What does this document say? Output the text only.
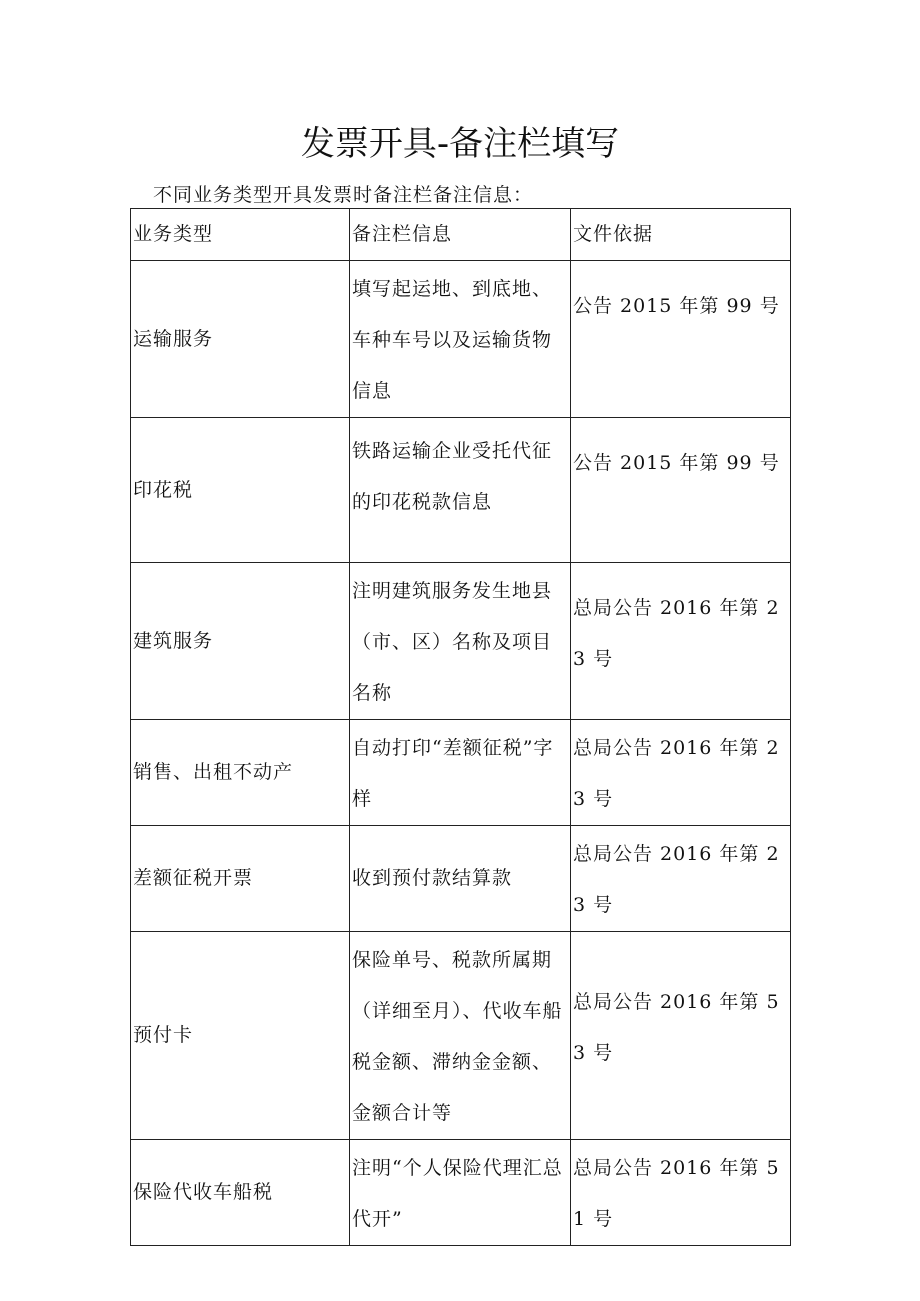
发票开具-备注栏填写
不同业务类型开具发票时备注栏备注信息：
业务类型	备注栏信息	文件依据
运输服务	填写起运地、到底地、车种车号以及运输货物信息	公告 2015 年第 99 号
印花税	铁路运输企业受托代征的印花税款信息	公告 2015 年第 99 号
建筑服务	注明建筑服务发生地县（市、区）名称及项目名称	总局公告 2016 年第 23 号
销售、出租不动产	自动打印“差额征税”字样	总局公告 2016 年第 23 号
差额征税开票	收到预付款结算款	总局公告 2016 年第 23 号
预付卡	保险单号、税款所属期（详细至月）、代收车船税金额、滞纳金金额、金额合计等	总局公告 2016 年第 53 号
保险代收车船税	注明“个人保险代理汇总代开”	总局公告 2016 年第 51 号
